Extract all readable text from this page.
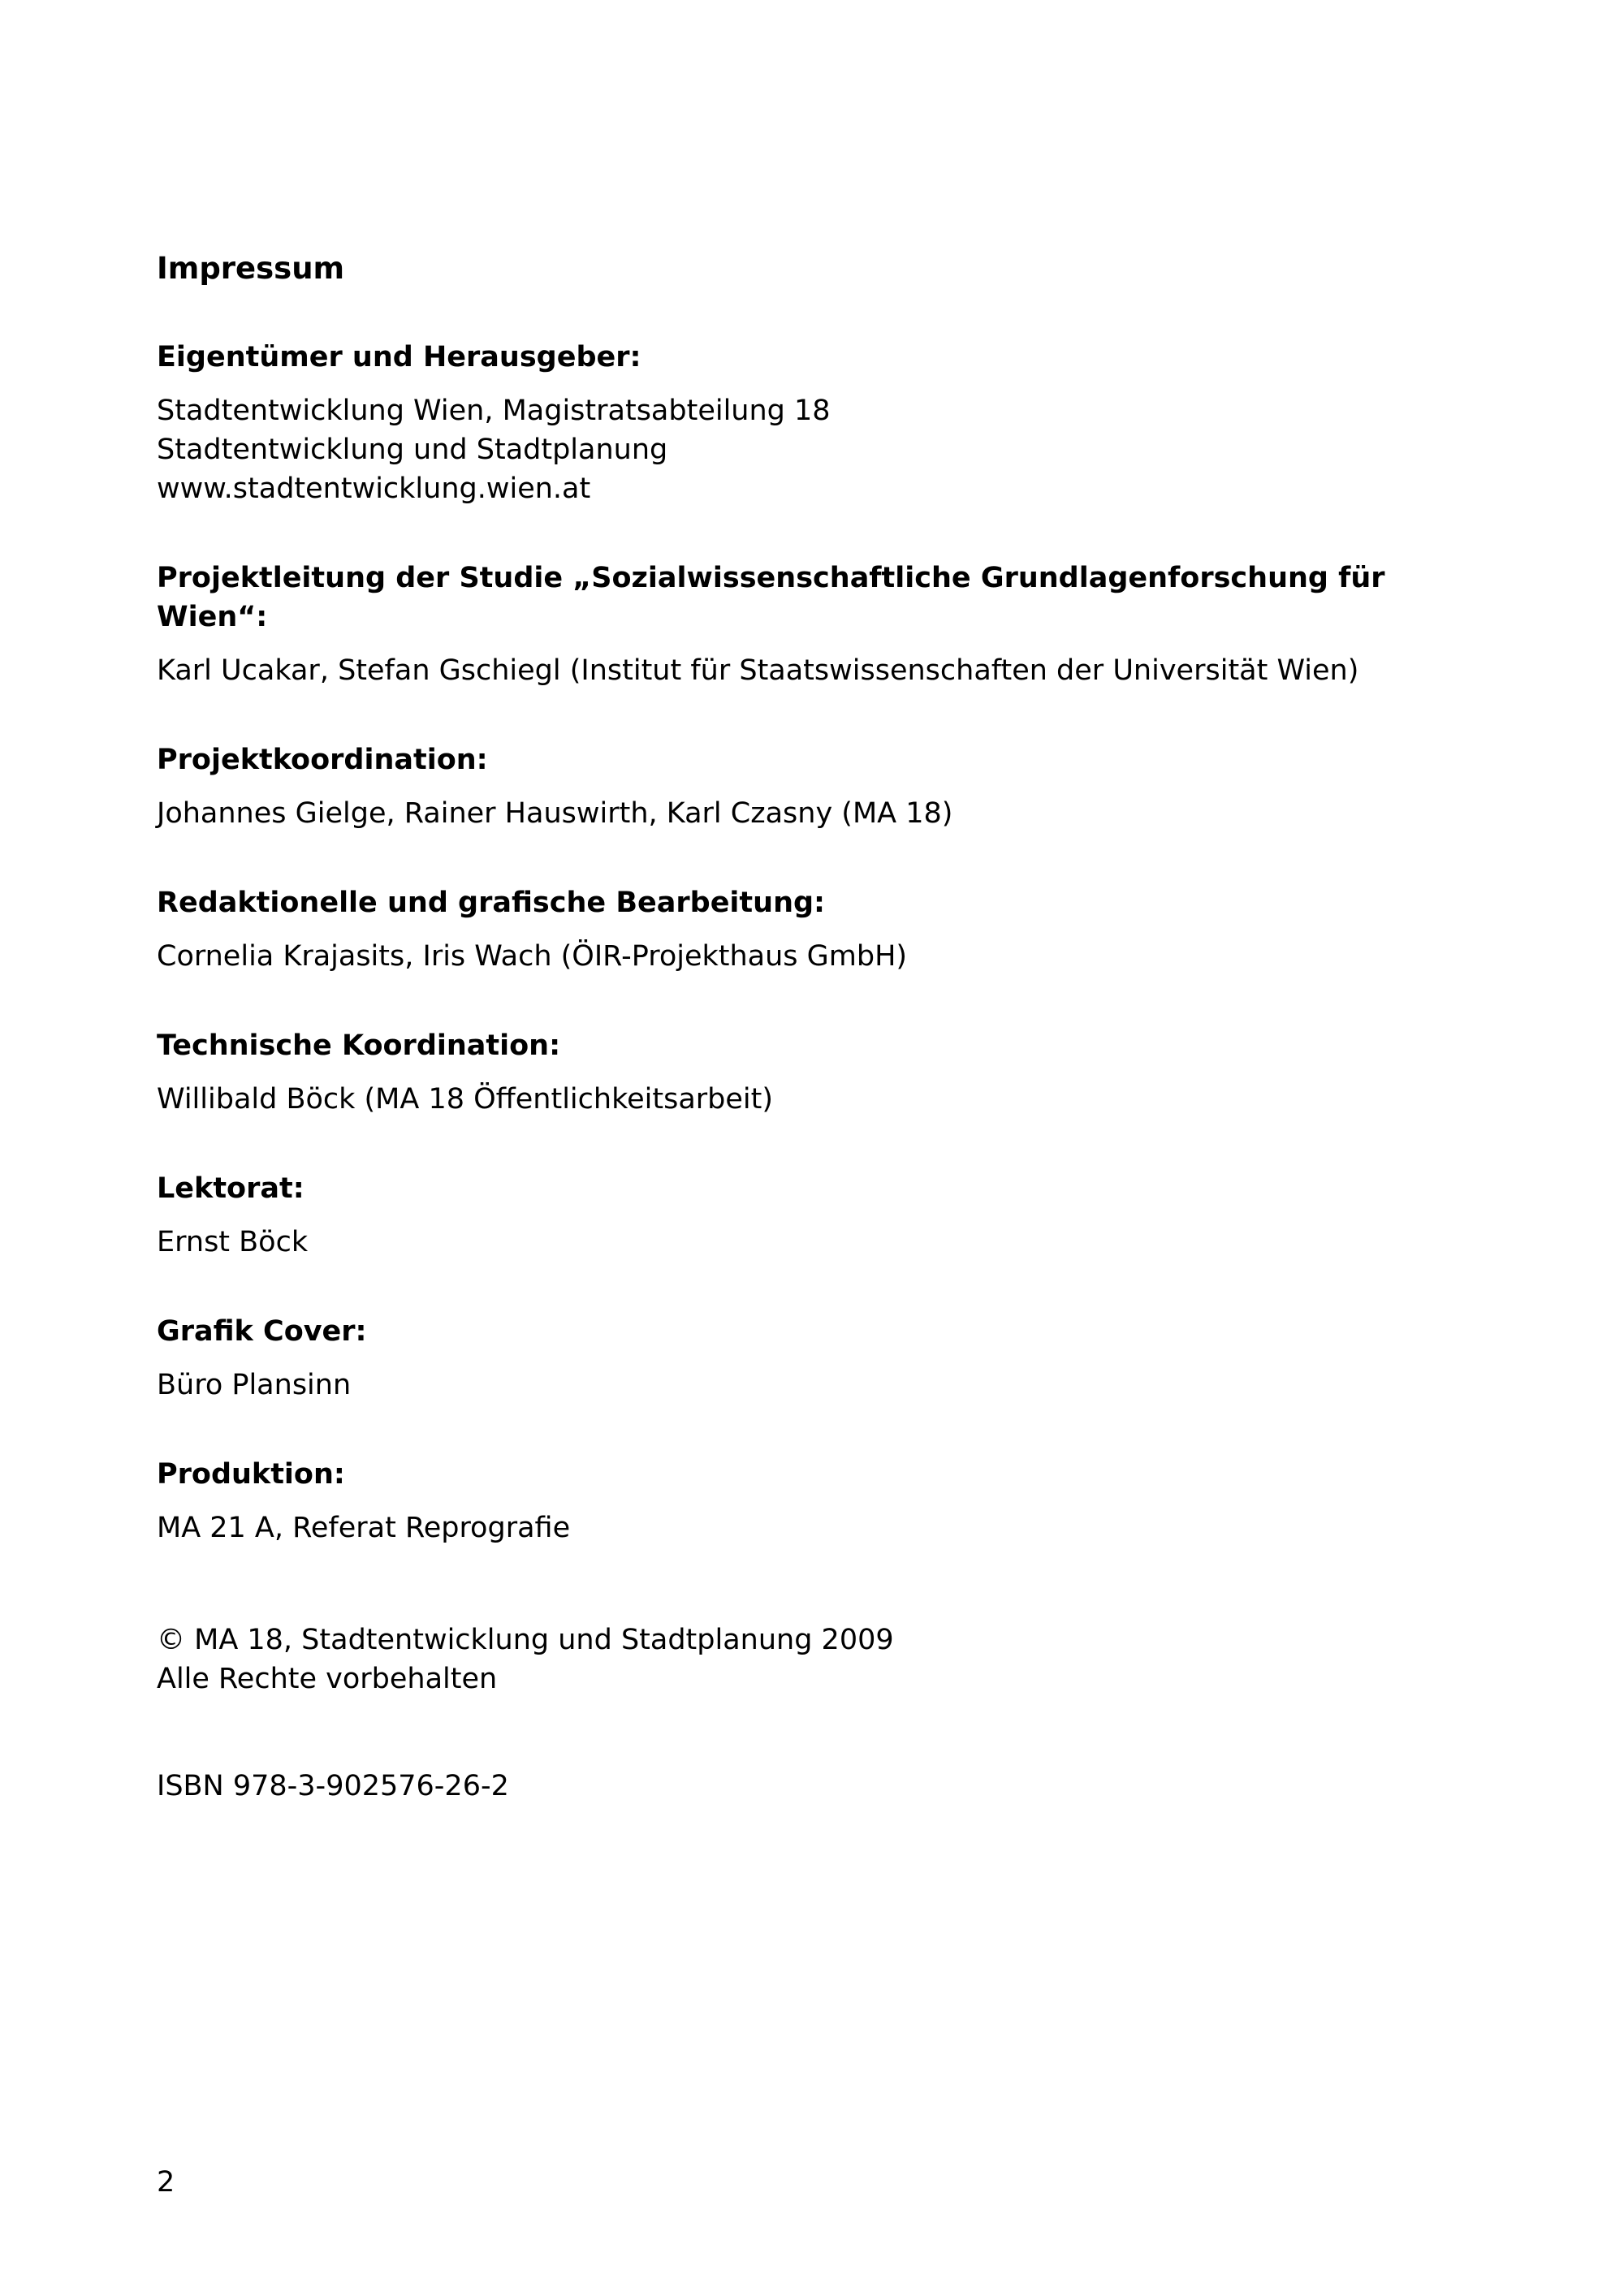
Impressum

Eigentümer und Herausgeber:

Stadtentwicklung Wien, Magistratsabteilung 18

Stadtentwicklung und Stadtplanung

www.stadtentwicklung.wien.at

Projektleitung der Studie „Sozialwissenschaftliche Grundlagenforschung für

Wien“:

Karl Ucakar, Stefan Gschiegl (Institut für Staatswissenschaften der Universität Wien)

Projektkoordination:

Johannes Gielge, Rainer Hauswirth, Karl Czasny (MA 18)

Redaktionelle und grafische Bearbeitung:

Cornelia Krajasits, Iris Wach (ÖIR-Projekthaus GmbH)

Technische Koordination:

Willibald Böck (MA 18 Öffentlichkeitsarbeit)

Lektorat:

Ernst Böck

Grafik Cover:

Büro Plansinn

Produktion:

MA 21 A, Referat Reprografie

© MA 18, Stadtentwicklung und Stadtplanung 2009

Alle Rechte vorbehalten

ISBN 978-3-902576-26-2

2
